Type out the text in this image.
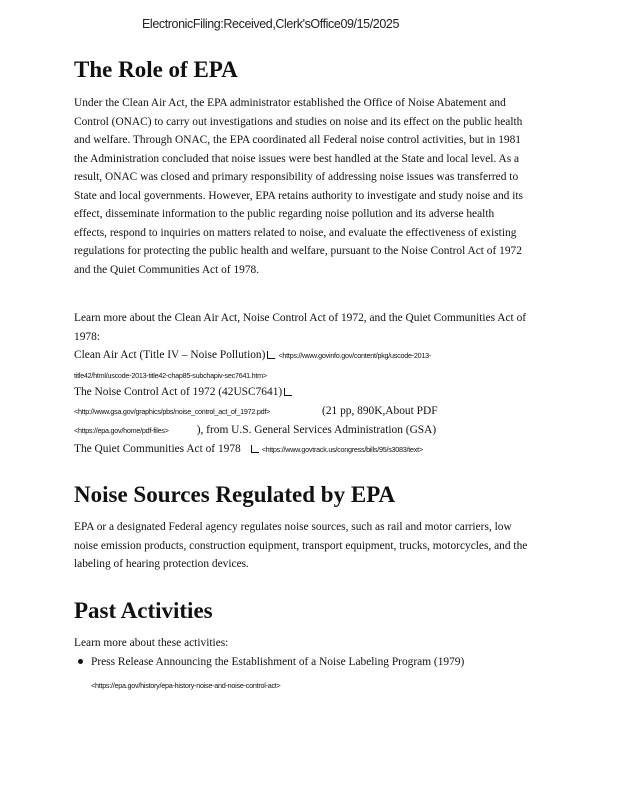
ElectronicFiling:Received,Clerk'sOffice09/15/2025
The Role of EPA
Under the Clean Air Act, the EPA administrator established the Office of Noise Abatement and Control (ONAC) to carry out investigations and studies on noise and its effect on the public health and welfare. Through ONAC, the EPA coordinated all Federal noise control activities, but in 1981 the Administration concluded that noise issues were best handled at the State and local level. As a result, ONAC was closed and primary responsibility of addressing noise issues was transferred to State and local governments. However, EPA retains authority to investigate and study noise and its effect, disseminate information to the public regarding noise pollution and its adverse health effects, respond to inquiries on matters related to noise, and evaluate the effectiveness of existing regulations for protecting the public health and welfare, pursuant to the Noise Control Act of 1972 and the Quiet Communities Act of 1978.
Learn more about the Clean Air Act, Noise Control Act of 1972, and the Quiet Communities Act of 1978:
Clean Air Act (Title IV – Noise Pollution) <https://www.govinfo.gov/content/pkg/uscode-2013-
title42/html/uscode-2013-title42-chap85-subchapiv-sec7641.htm>
The Noise Control Act of 1972 (42USC7641)
<http://www.gsa.gov/graphics/pbs/noise_control_act_of_1972.pdf>	(21 pp, 890K,About PDF
<https://epa.gov/home/pdf-files> ), from U.S. General Services Administration (GSA)
The Quiet Communities Act of 1978	<https://www.govtrack.us/congress/bills/95/s3083/text>
Noise Sources Regulated by EPA
EPA or a designated Federal agency regulates noise sources, such as rail and motor carriers, low noise emission products, construction equipment, transport equipment, trucks, motorcycles, and the labeling of hearing protection devices.
Past Activities
Learn more about these activities:
Press Release Announcing the Establishment of a Noise Labeling Program (1979)
<https://epa.gov/history/epa-history-noise-and-noise-control-act>
